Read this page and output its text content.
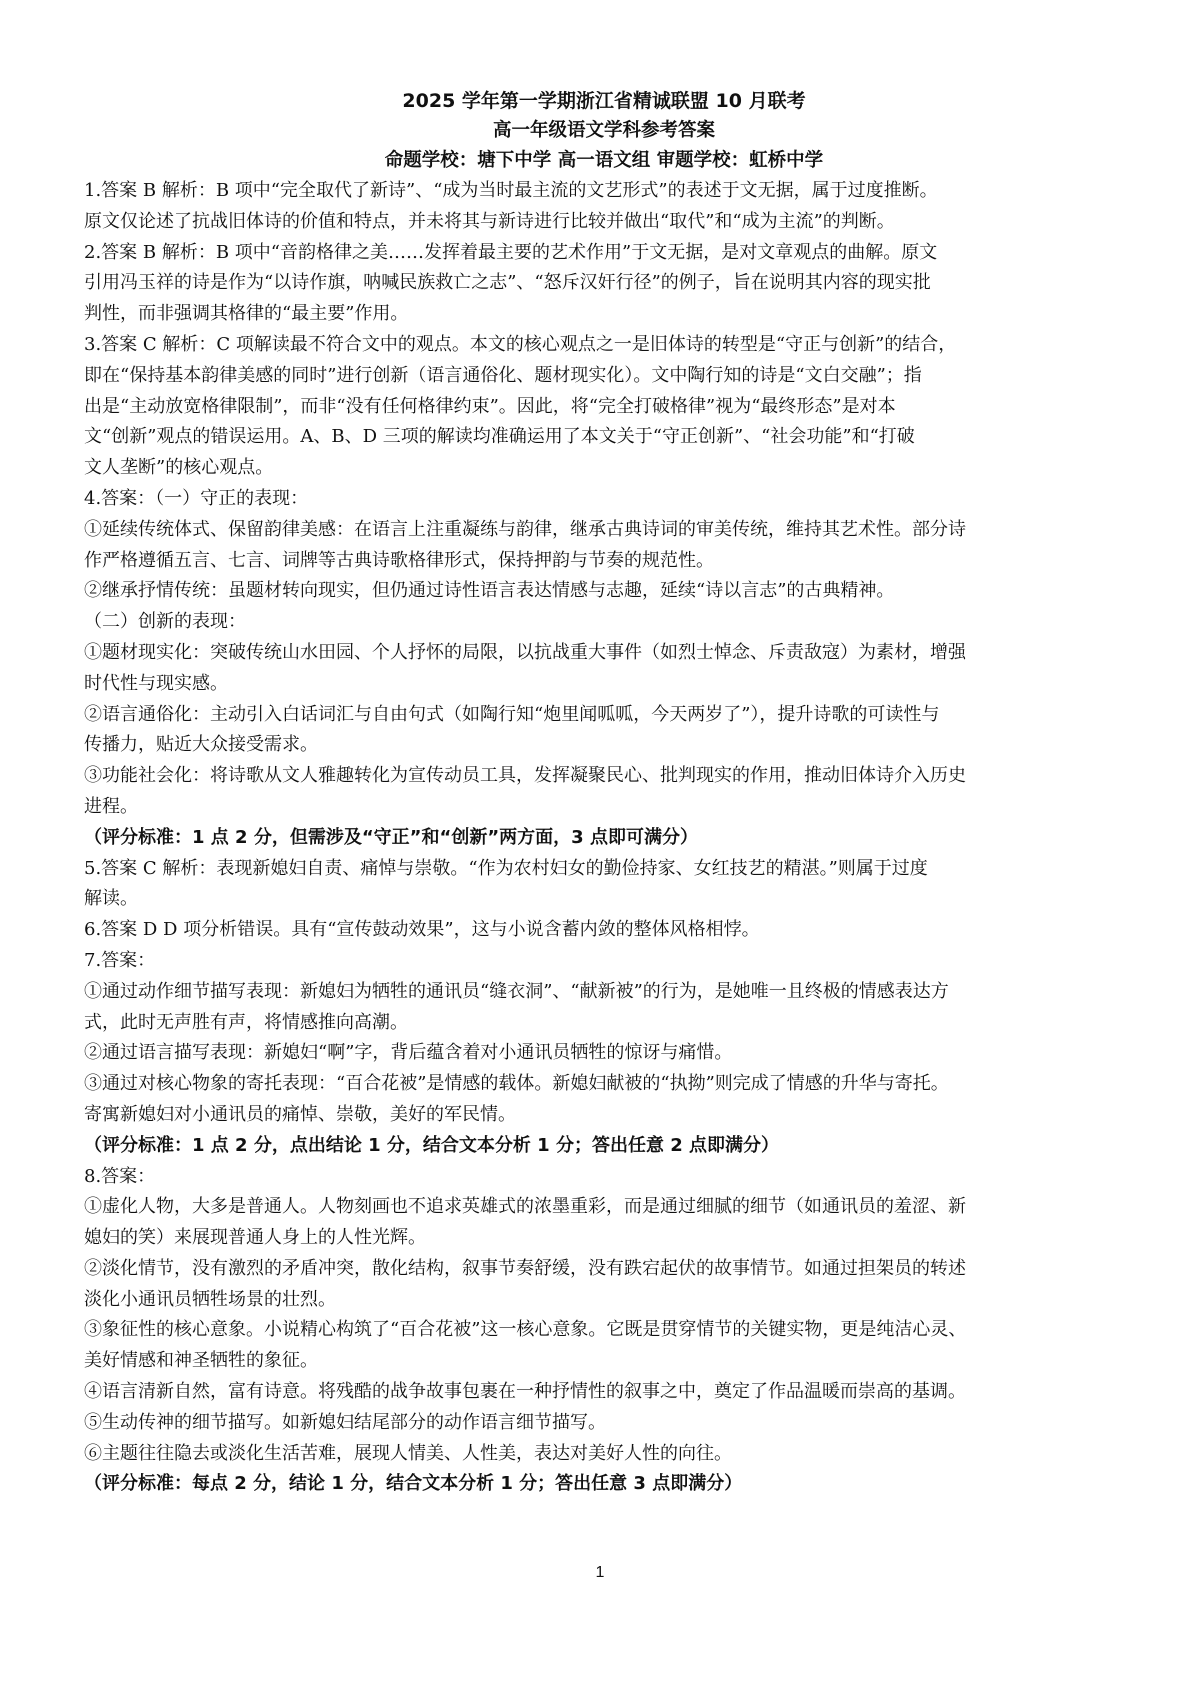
2025 学年第一学期浙江省精诚联盟 10 月联考
高一年级语文学科参考答案
命题学校：塘下中学 高一语文组 审题学校：虹桥中学
1.答案 B 解析：B 项中“完全取代了新诗”、“成为当时最主流的文艺形式”的表述于文无据，属于过度推断。
原文仅论述了抗战旧体诗的价值和特点，并未将其与新诗进行比较并做出“取代”和“成为主流”的判断。
2.答案 B 解析：B 项中“音韵格律之美……发挥着最主要的艺术作用”于文无据，是对文章观点的曲解。原文
引用冯玉祥的诗是作为“以诗作旗，呐喊民族救亡之志”、“怒斥汉奸行径”的例子，旨在说明其内容的现实批
判性，而非强调其格律的“最主要”作用。
3.答案 C 解析：C 项解读最不符合文中的观点。本文的核心观点之一是旧体诗的转型是“守正与创新”的结合，
即在“保持基本韵律美感的同时”进行创新（语言通俗化、题材现实化）。文中陶行知的诗是“文白交融”；指
出是“主动放宽格律限制”，而非“没有任何格律约束”。因此，将“完全打破格律”视为“最终形态”是对本
文“创新”观点的错误运用。A、B、D 三项的解读均准确运用了本文关于“守正创新”、“社会功能”和“打破
文人垄断”的核心观点。
4.答案：（一）守正的表现：
①延续传统体式、保留韵律美感：在语言上注重凝练与韵律，继承古典诗词的审美传统，维持其艺术性。部分诗
作严格遵循五言、七言、词牌等古典诗歌格律形式，保持押韵与节奏的规范性。
②继承抒情传统：虽题材转向现实，但仍通过诗性语言表达情感与志趣，延续“诗以言志”的古典精神。
（二）创新的表现：
①题材现实化：突破传统山水田园、个人抒怀的局限，以抗战重大事件（如烈士悼念、斥责敌寇）为素材，增强
时代性与现实感。
②语言通俗化：主动引入白话词汇与自由句式（如陶行知“炮里闻呱呱，今天两岁了”），提升诗歌的可读性与
传播力，贴近大众接受需求。
③功能社会化：将诗歌从文人雅趣转化为宣传动员工具，发挥凝聚民心、批判现实的作用，推动旧体诗介入历史
进程。
（评分标准：1 点 2 分，但需涉及“守正”和“创新”两方面，3 点即可满分）
5.答案 C 解析：表现新媳妇自责、痛悼与崇敬。“作为农村妇女的勤俭持家、女红技艺的精湛。”则属于过度
解读。
6.答案 D D 项分析错误。具有“宣传鼓动效果”，这与小说含蓄内敛的整体风格相悖。
7.答案：
①通过动作细节描写表现：新媳妇为牺牲的通讯员“缝衣洞”、“献新被”的行为，是她唯一且终极的情感表达方
式，此时无声胜有声，将情感推向高潮。
②通过语言描写表现：新媳妇“啊”字，背后蕴含着对小通讯员牺牲的惊讶与痛惜。
③通过对核心物象的寄托表现：“百合花被”是情感的载体。新媳妇献被的“执拗”则完成了情感的升华与寄托。
寄寓新媳妇对小通讯员的痛悼、崇敬，美好的军民情。
（评分标准：1 点 2 分，点出结论 1 分，结合文本分析 1 分；答出任意 2 点即满分）
8.答案：
①虚化人物，大多是普通人。人物刻画也不追求英雄式的浓墨重彩，而是通过细腻的细节（如通讯员的羞涩、新
媳妇的笑）来展现普通人身上的人性光辉。
②淡化情节，没有激烈的矛盾冲突，散化结构，叙事节奏舒缓，没有跌宕起伏的故事情节。如通过担架员的转述
淡化小通讯员牺牲场景的壮烈。
③象征性的核心意象。小说精心构筑了“百合花被”这一核心意象。它既是贯穿情节的关键实物，更是纯洁心灵、
美好情感和神圣牺牲的象征。
④语言清新自然，富有诗意。将残酷的战争故事包裹在一种抒情性的叙事之中，奠定了作品温暖而崇高的基调。
⑤生动传神的细节描写。如新媳妇结尾部分的动作语言细节描写。
⑥主题往往隐去或淡化生活苦难，展现人情美、人性美，表达对美好人性的向往。
（评分标准：每点 2 分，结论 1 分，结合文本分析 1 分；答出任意 3 点即满分）
1
